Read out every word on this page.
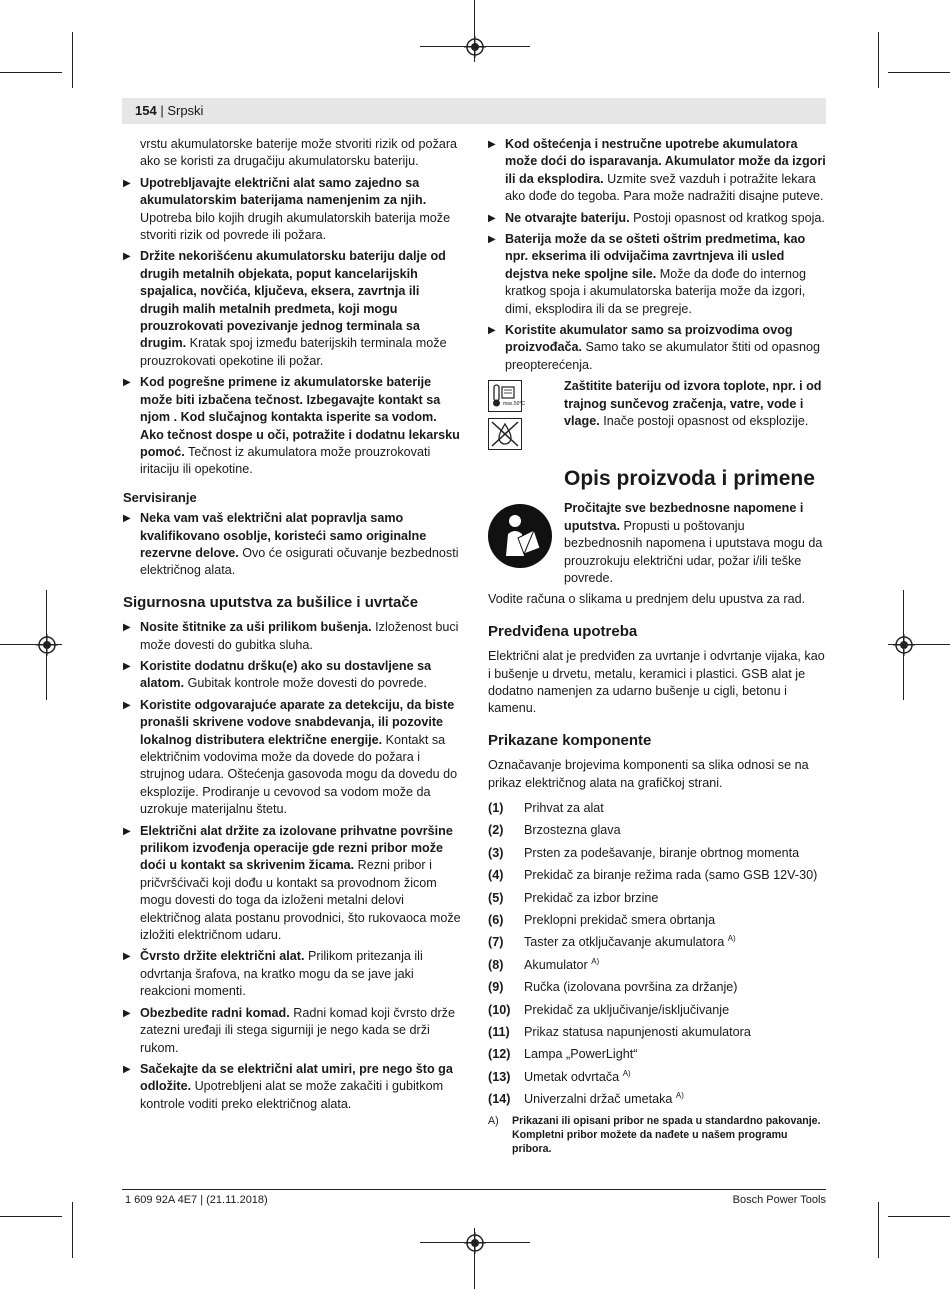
154 | Srpski

vrstu akumulatorske baterije može stvoriti rizik od požara ako se koristi za drugačiju akumulatorsku bateriju.

▶ Upotrebljavajte električni alat samo zajedno sa akumulatorskim baterijama namenjenim za njih. Upotreba bilo kojih drugih akumulatorskih baterija može stvoriti rizik od povrede ili požara.
▶ Držite nekorišćenu akumulatorsku bateriju dalje od drugih metalnih objekata, poput kancelarijskih spajalica, novčića, ključeva, eksera, zavrtnja ili drugih malih metalnih predmeta, koji mogu prouzrokovati povezivanje jednog terminala sa drugim. Kratak spoj između baterijskih terminala može prouzrokovati opekotine ili požar.
▶ Kod pogrešne primene iz akumulatorske baterije može biti izbačena tečnost. Izbegavajte kontakt sa njom . Kod slučajnog kontakta isperite sa vodom. Ako tečnost dospe u oči, potražite i dodatnu lekarsku pomoć. Tečnost iz akumulatora može prouzrokovati iritaciju ili opekotine.
Servisiranje
▶ Neka vam vaš električni alat popravlja samo kvalifikovano osoblje, koristeći samo originalne rezervne delove. Ovo će osigurati očuvanje bezbednosti električnog alata.
Sigurnosna uputstva za bušilice i uvrtače
▶ Nosite štitnike za uši prilikom bušenja. Izloženost buci može dovesti do gubitka sluha.
▶ Koristite dodatnu dršku(e) ako su dostavljene sa alatom. Gubitak kontrole može dovesti do povrede.
▶ Koristite odgovarajuće aparate za detekciju, da biste pronašli skrivene vodove snabdevanja, ili pozovite lokalnog distributera električne energije. Kontakt sa električnim vodovima može da dovede do požara i strujnog udara. Oštećenja gasovoda mogu da dovedu do eksplozije. Prodiranje u cevovod sa vodom može da uzrokuje materijalnu štetu.
▶ Električni alat držite za izolovane prihvatne površine prilikom izvođenja operacije gde rezni pribor može doći u kontakt sa skrivenim žicama. Rezni pribor i pričvršćivači koji dođu u kontakt sa provodnom žicom mogu dovesti do toga da izloženi metalni delovi električnog alata postanu provodnici, što rukovaoca može izložiti električnom udaru.
▶ Čvrsto držite električni alat. Prilikom pritezanja ili odvrtanja šrafova, na kratko mogu da se jave jaki reakcioni momenti.
▶ Obezbedite radni komad. Radni komad koji čvrsto drže zatezni uređaji ili stega sigurniji je nego kada se drži rukom.
▶ Sačekajte da se električni alat umiri, pre nego što ga odložite. Upotrebljeni alat se može zakačiti i gubitkom kontrole voditi preko električnog alata.
▶ Kod oštećenja i nestručne upotrebe akumulatora može doći do isparavanja. Akumulator može da izgori ili da eksplodira. Uzmite svež vazduh i potražite lekara ako dođe do tegoba. Para može nadražiti disajne puteve.
▶ Ne otvarajte bateriju. Postoji opasnost od kratkog spoja.
▶ Baterija može da se ošteti oštrim predmetima, kao npr. ekserima ili odvijačima zavrtnjeva ili usled dejstva neke spoljne sile. Može da dođe do internog kratkog spoja i akumulatorska baterija može da izgori, dimi, eksplodira ili da se pregreje.
▶ Koristite akumulator samo sa proizvodima ovog proizvođača. Samo tako se akumulator štiti od opasnog preopterećenja.
max.50°C
Zaštitite bateriju od izvora toplote, npr. i od trajnog sunčevog zračenja, vatre, vode i vlage. Inače postoji opasnost od eksplozije.
Opis proizvoda i primene
Pročitajte sve bezbednosne napomene i uputstva. Propusti u poštovanju bezbednosnih napomena i uputstava mogu da prouzrokuju električni udar, požar i/ili teške povrede.

Vodite računa o slikama u prednjem delu upustva za rad.

Predviđena upotreba

Električni alat je predviđen za uvrtanje i odvrtanje vijaka, kao i bušenje u drvetu, metalu, keramici i plastici. GSB alat je dodatno namenjen za udarno bušenje u cigli, betonu i kamenu.

Prikazane komponente

Označavanje brojevima komponenti sa slika odnosi se na prikaz električnog alata na grafičkoj strani.

(1)	Prihvat za alat
(2)	Brzostezna glava
(3)	Prsten za podešavanje, biranje obrtnog momenta
(4)	Prekidač za biranje režima rada (samo GSB 12V-30)
(5)	Prekidač za izbor brzine
(6)	Preklopni prekidač smera obrtanja
(7)	Taster za otključavanje akumulatora $^{A)}$
(8)	Akumulator $^{A)}$
(9)	Ručka (izolovana površina za držanje)
(10)	Prekidač za uključivanje/isključivanje
(11)	Prikaz statusa napunjenosti akumulatora
(12)	Lampa „PowerLight“
(13)	Umetak odvrtača $^{A)}$
(14)	Univerzalni držač umetaka $^{A)}$
A)	Prikazani ili opisani pribor ne spada u standardno pakovanje. Kompletni pribor možete da nađete u našem programu pribora.
1 609 92A 4E7 | (21.11.2018)	Bosch Power Tools
